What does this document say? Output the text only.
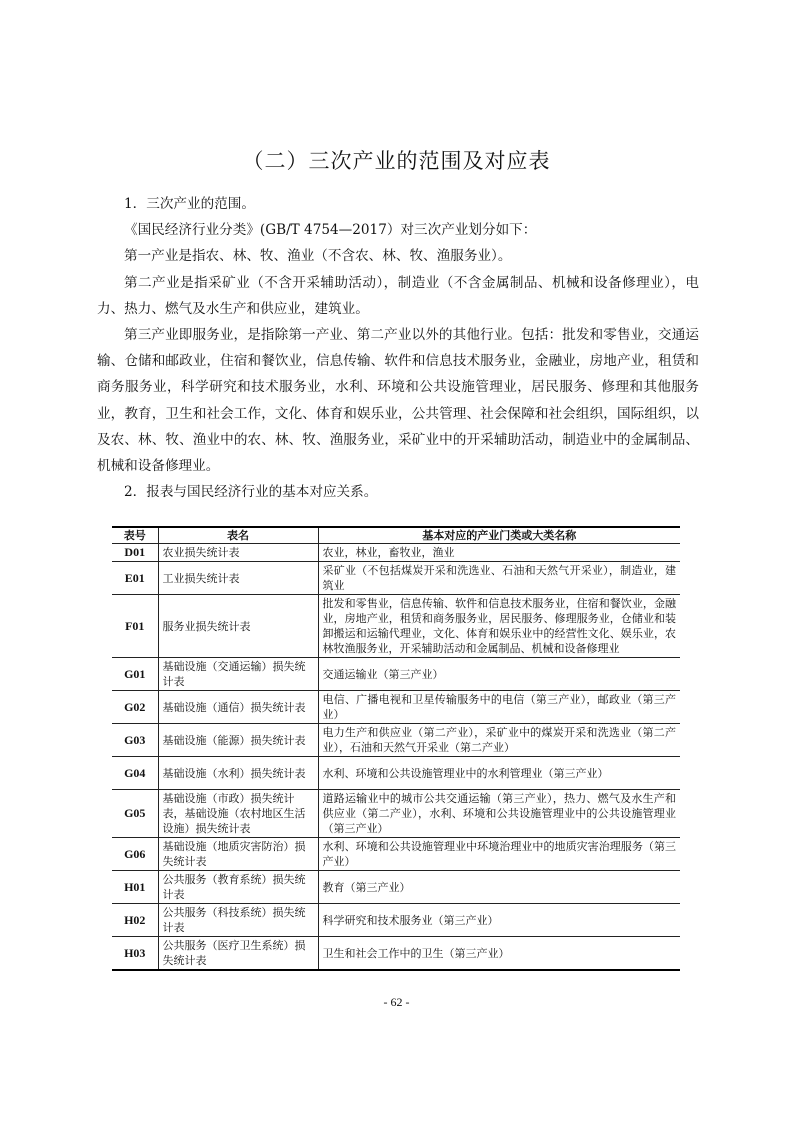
（二）三次产业的范围及对应表

1．三次产业的范围。

《国民经济行业分类》(GB/T 4754—2017）对三次产业划分如下：

第一产业是指农、林、牧、渔业（不含农、林、牧、渔服务业）。

第二产业是指采矿业（不含开采辅助活动），制造业（不含金属制品、机械和设备修理业），电力、热力、燃气及水生产和供应业，建筑业。

第三产业即服务业，是指除第一产业、第二产业以外的其他行业。包括：批发和零售业，交通运输、仓储和邮政业，住宿和餐饮业，信息传输、软件和信息技术服务业，金融业，房地产业，租赁和商务服务业，科学研究和技术服务业，水利、环境和公共设施管理业，居民服务、修理和其他服务业，教育，卫生和社会工作，文化、体育和娱乐业，公共管理、社会保障和社会组织，国际组织，以及农、林、牧、渔业中的农、林、牧、渔服务业，采矿业中的开采辅助活动，制造业中的金属制品、机械和设备修理业。

2．报表与国民经济行业的基本对应关系。

表号	表名	基本对应的产业门类或大类名称
D01	农业损失统计表	农业，林业，畜牧业，渔业
E01	工业损失统计表	采矿业（不包括煤炭开采和洗选业、石油和天然气开采业），制造业，建筑业
F01	服务业损失统计表	批发和零售业，信息传输、软件和信息技术服务业，住宿和餐饮业，金融业，房地产业，租赁和商务服务业，居民服务、修理服务业，仓储业和装卸搬运和运输代理业，文化、体育和娱乐业中的经营性文化、娱乐业，农林牧渔服务业，开采辅助活动和金属制品、机械和设备修理业
G01	基础设施（交通运输）损失统计表	交通运输业（第三产业）
G02	基础设施（通信）损失统计表	电信、广播电视和卫星传输服务中的电信（第三产业），邮政业（第三产业）
G03	基础设施（能源）损失统计表	电力生产和供应业（第二产业），采矿业中的煤炭开采和洗选业（第二产业），石油和天然气开采业（第二产业）
G04	基础设施（水利）损失统计表	水利、环境和公共设施管理业中的水利管理业（第三产业）
G05	基础设施（市政）损失统计表，基础设施（农村地区生活设施）损失统计表	道路运输业中的城市公共交通运输（第三产业），热力、燃气及水生产和供应业（第二产业），水利、环境和公共设施管理业中的公共设施管理业（第三产业）
G06	基础设施（地质灾害防治）损失统计表	水利、环境和公共设施管理业中环境治理业中的地质灾害治理服务（第三产业）
H01	公共服务（教育系统）损失统计表	教育（第三产业）
H02	公共服务（科技系统）损失统计表	科学研究和技术服务业（第三产业）
H03	公共服务（医疗卫生系统）损失统计表	卫生和社会工作中的卫生（第三产业）
- 62 -
